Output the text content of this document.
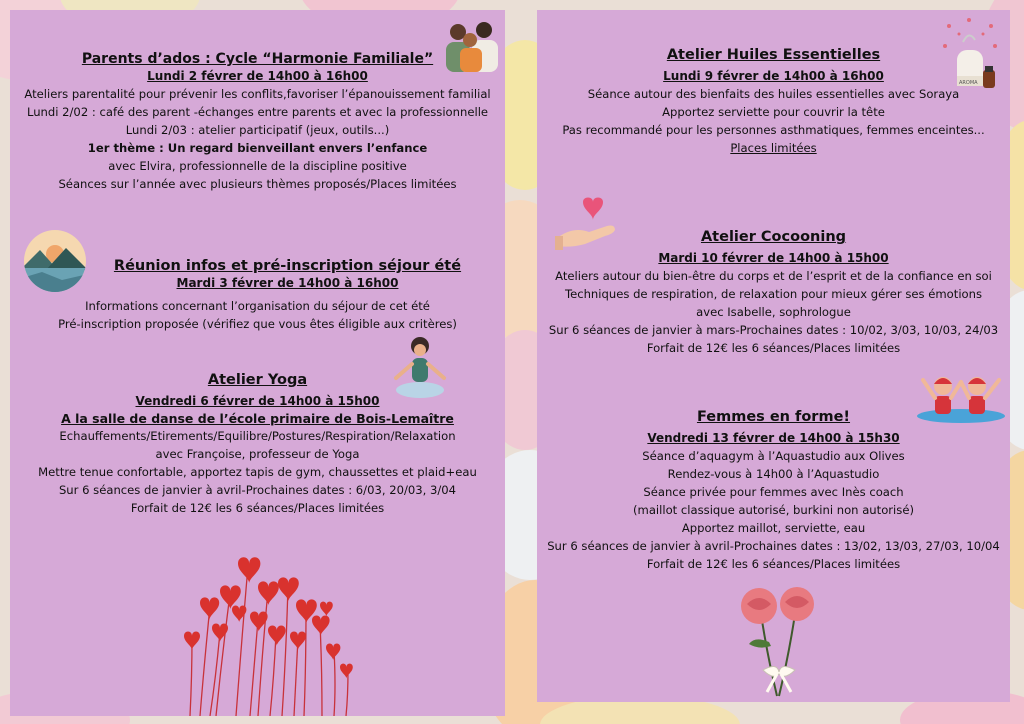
Parents d’ados : Cycle “Harmonie Familiale”
Lundi 2 févrer de 14h00 à 16h00
Ateliers parentalité pour prévenir les conflits,favoriser l’épanouissement familial
Lundi 2/02 : café des parent -échanges entre parents et avec la professionnelle
Lundi 2/03 : atelier participatif (jeux, outils...)
1er thème : Un regard bienveillant envers l’enfance
avec Elvira, professionnelle de la discipline positive
Séances sur l’année avec plusieurs thèmes proposés/Places limitées
Réunion infos et pré-inscription séjour été
Mardi 3 févrer de 14h00 à 16h00
Informations concernant l’organisation du séjour de cet été
Pré-inscription proposée (vérifiez que vous êtes éligible aux critères)
Atelier Yoga
Vendredi 6 févrer de 14h00 à 15h00
A la salle de danse de l’école primaire de Bois-Lemaître
Echauffements/Etirements/Equilibre/Postures/Respiration/Relaxation
avec Françoise, professeur de Yoga
Mettre tenue confortable, apportez tapis de gym, chaussettes et plaid+eau
Sur 6 séances de janvier à avril-Prochaines dates : 6/03, 20/03, 3/04
Forfait de 12€ les 6 séances/Places limitées
AROMA
Atelier Huiles Essentielles
Lundi 9 févrer de 14h00 à 16h00
Séance autour des bienfaits des huiles essentielles avec Soraya
Apportez serviette pour couvrir la tête
Pas recommandé pour les personnes asthmatiques, femmes enceintes...
Places limitées
Atelier Cocooning
Mardi 10 févrer de 14h00 à 15h00
Ateliers autour du bien-être du corps et de l’esprit et de la confiance en soi
Techniques de respiration, de relaxation pour mieux gérer ses émotions
avec Isabelle, sophrologue
Sur 6 séances de janvier à mars-Prochaines dates : 10/02, 3/03, 10/03, 24/03
Forfait de 12€ les 6 séances/Places limitées
Femmes en forme!
Vendredi 13 févrer de 14h00 à 15h30
Séance d’aquagym à l’Aquastudio aux Olives
Rendez-vous à 14h00 à l’Aquastudio
Séance privée pour femmes avec Inès coach
(maillot classique autorisé, burkini non autorisé)
Apportez maillot, serviette, eau
Sur 6 séances de janvier à avril-Prochaines dates : 13/02, 13/03, 27/03, 10/04
Forfait de 12€ les 6 séances/Places limitées
